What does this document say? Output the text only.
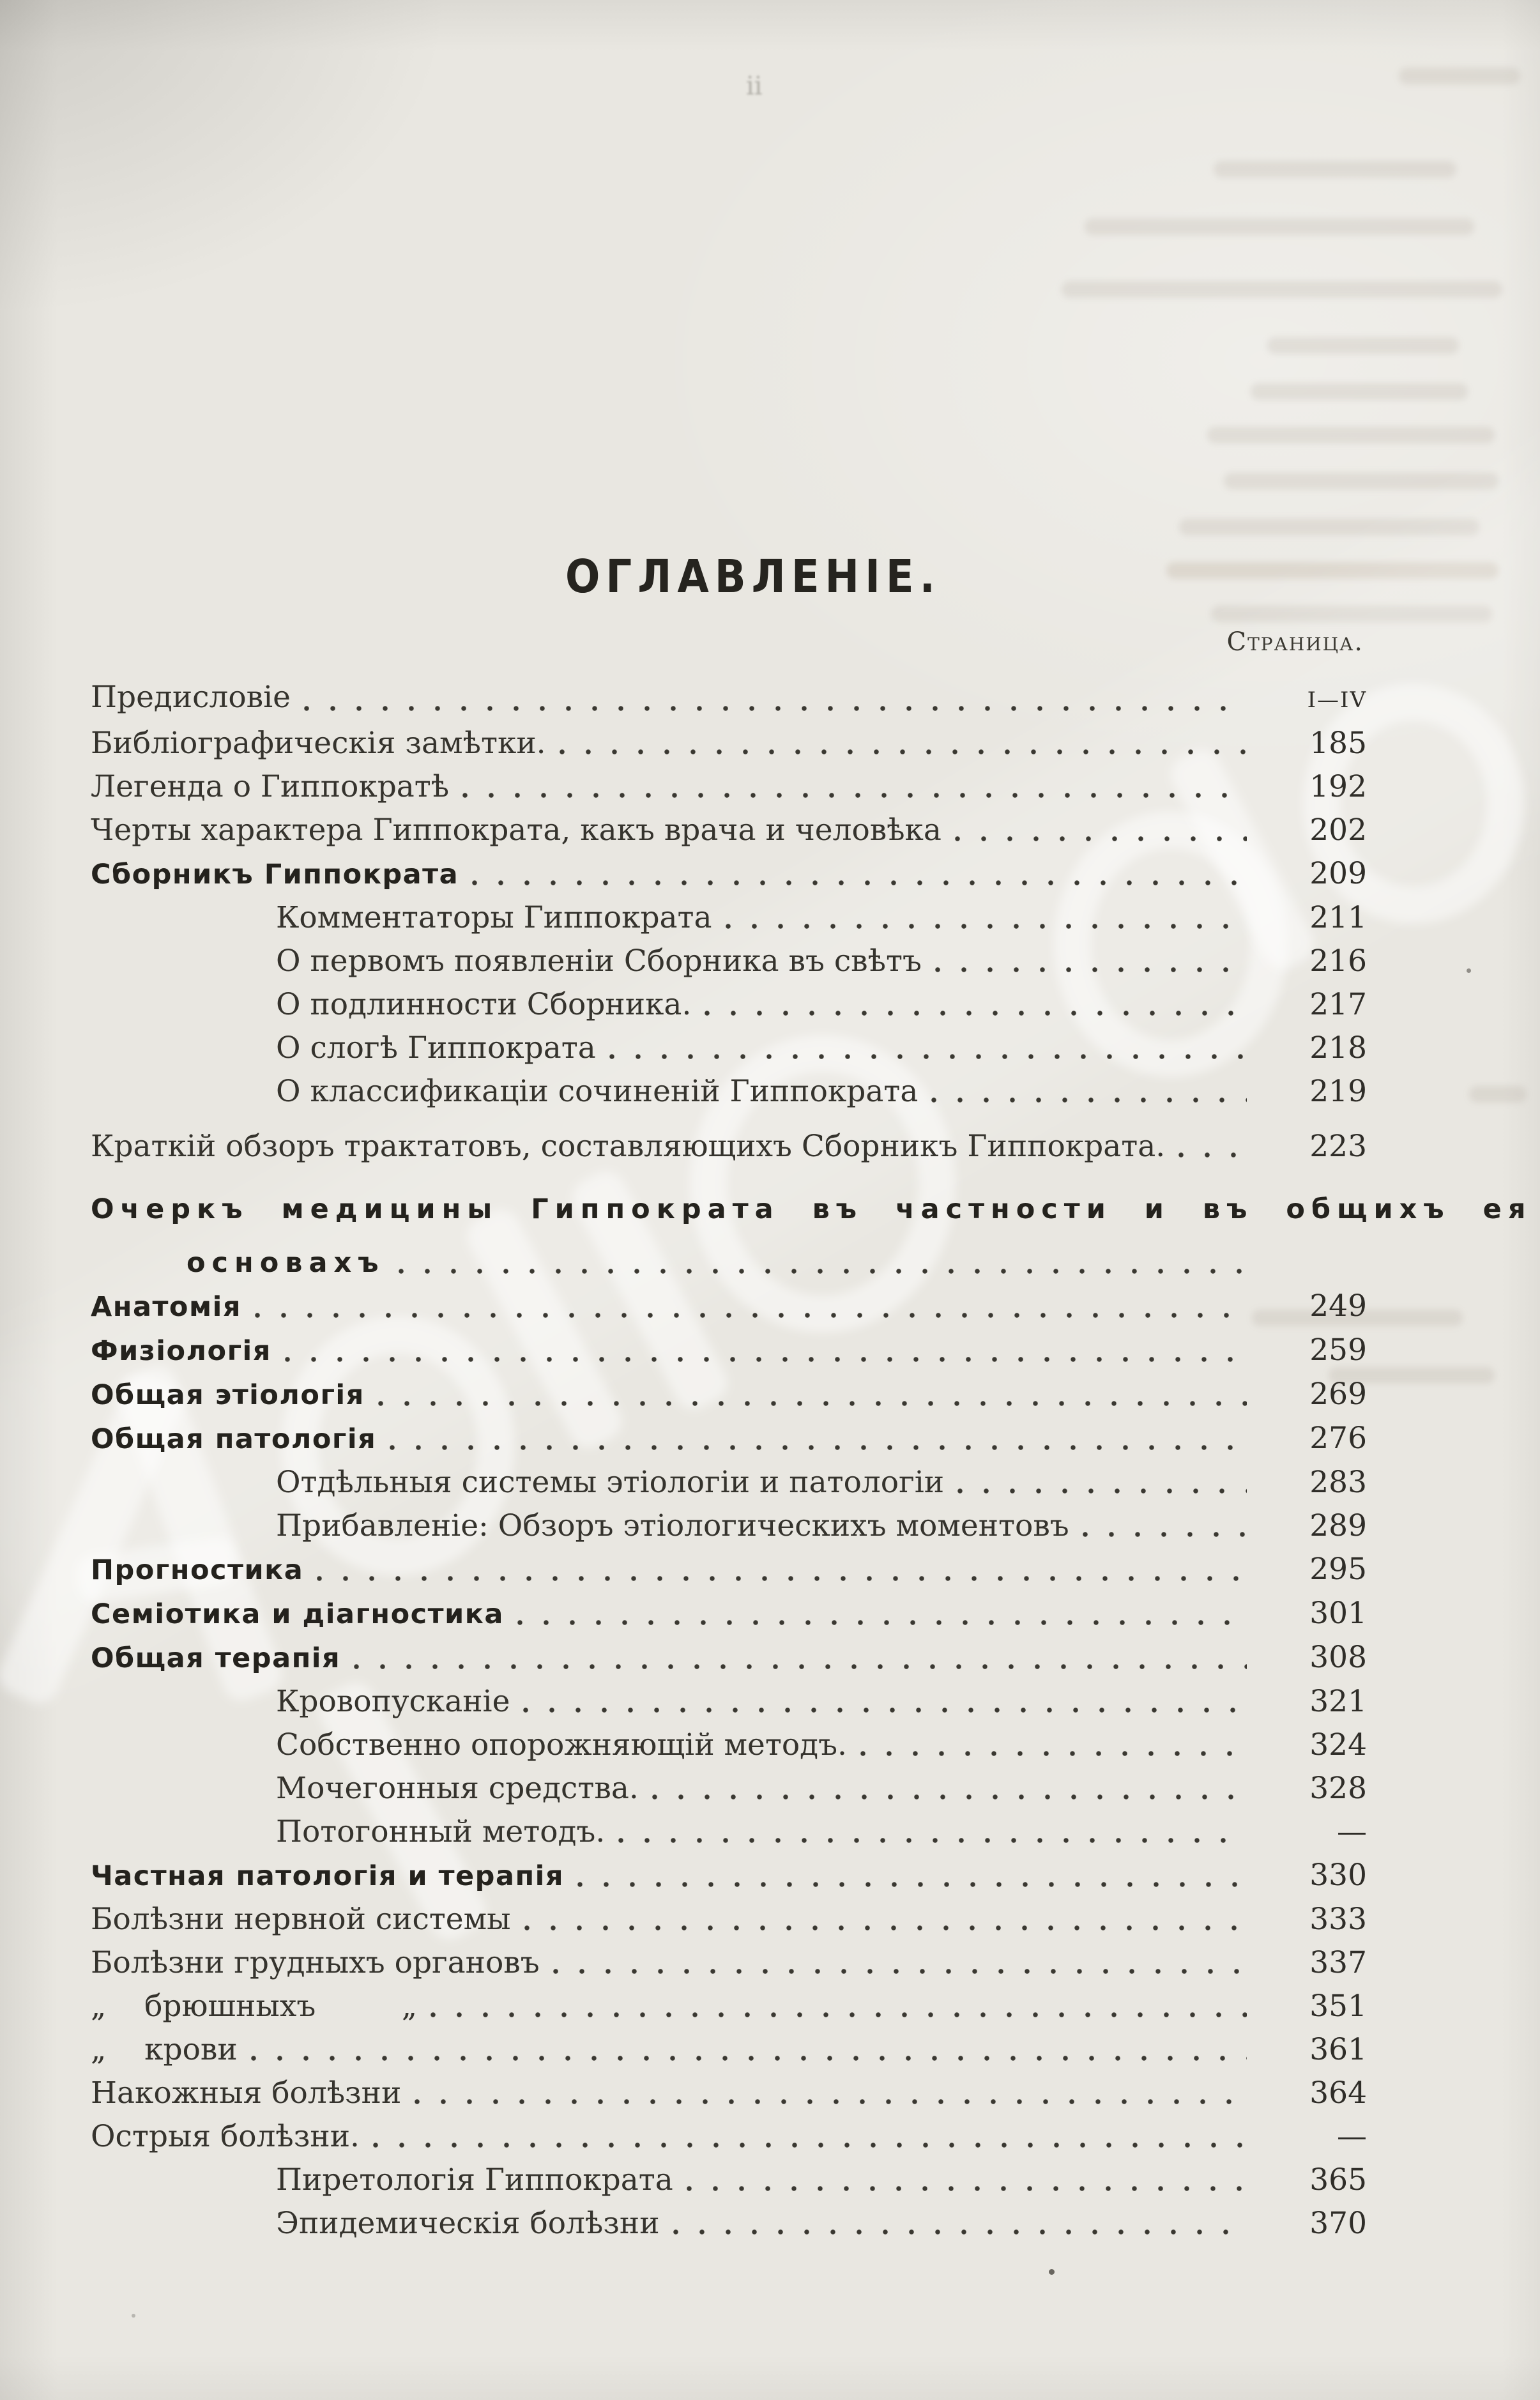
ii
ОГЛАВЛЕНІЕ.
Страница.
Предисловіе	I—IV
Библіографическія замѣтки.	185
Легенда о Гиппократѣ	192
Черты характера Гиппократа, какъ врача и человѣка	202
Сборникъ Гиппократа	209
Комментаторы Гиппократа	211
О первомъ появленіи Сборника въ свѣтъ	216
О подлинности Сборника.	217
О слогѣ Гиппократа	218
О классификаціи сочиненій Гиппократа	219
Краткій обзоръ трактатовъ, составляющихъ Сборникъ Гиппократа.	223
Очеркъ медицины Гиппократа въ частности и въ общихъ ея
основахъ
Анатомія	249
Физіологія	259
Общая этіологія	269
Общая патологія	276
Отдѣльныя системы этіологіи и патологіи	283
Прибавленіе: Обзоръ этіологическихъ моментовъ	289
Прогностика	295
Семіотика и діагностика	301
Общая терапія	308
Кровопусканіе	321
Собственно опорожняющій методъ.	324
Мочегонныя средства.	328
Потогонный методъ.	—
Частная патологія и терапія	330
Болѣзни нервной системы	333
Болѣзни грудныхъ органовъ	337
„    брюшныхъ         „	351
„    крови	361
Накожныя болѣзни	364
Острыя болѣзни.	—
Пиретологія Гиппократа	365
Эпидемическія болѣзни	370
